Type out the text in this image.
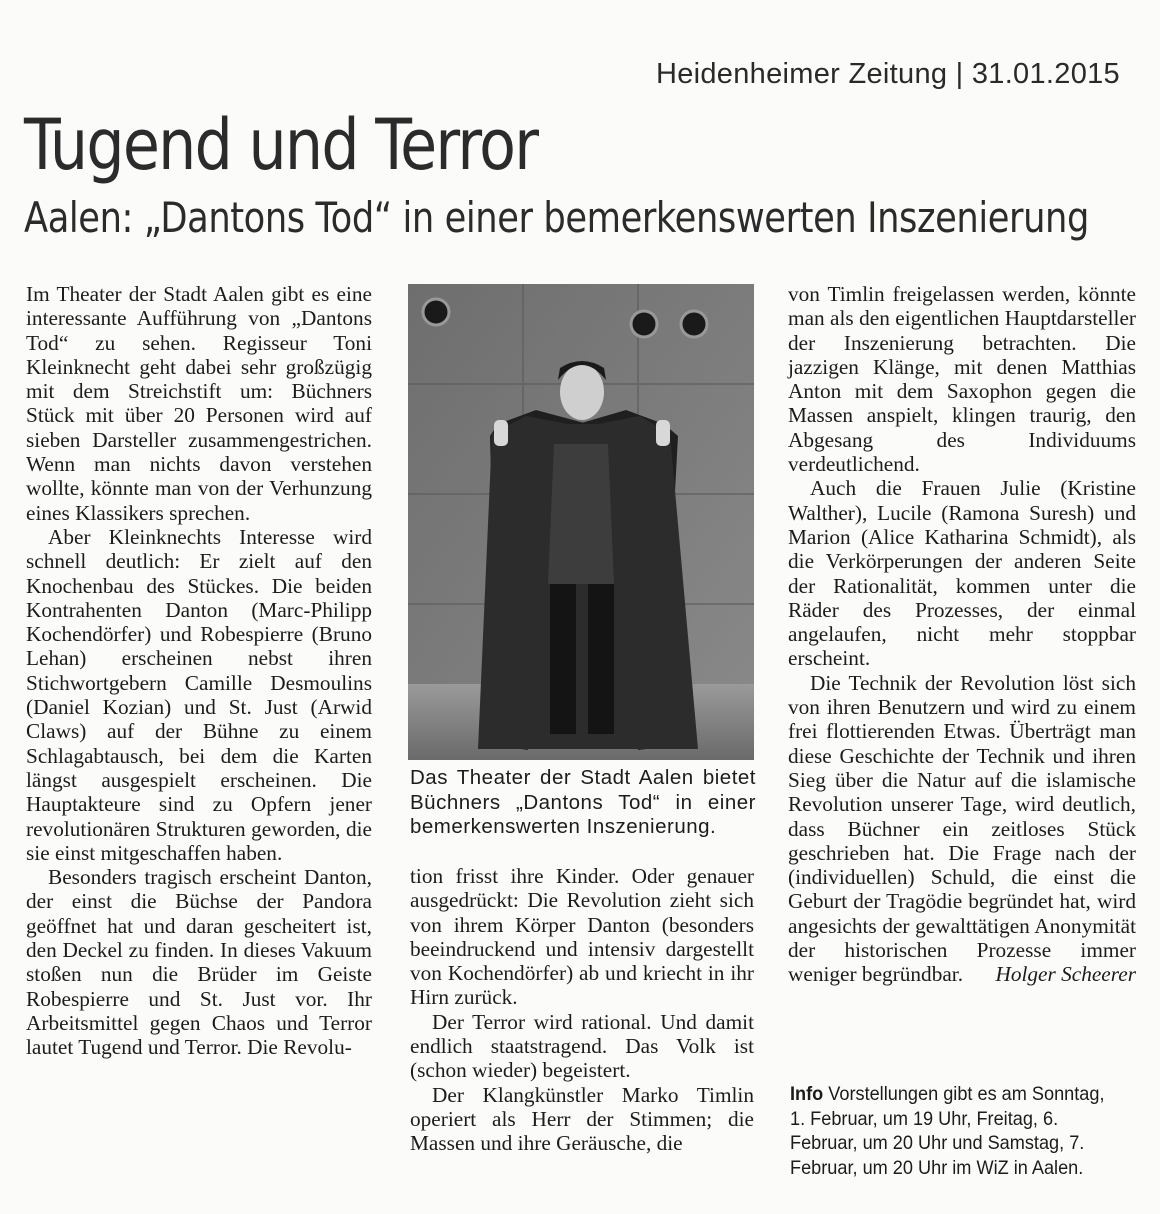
Heidenheimer Zeitung | 31.01.2015
Tugend und Terror
Aalen: „Dantons Tod“ in einer bemerkenswerten Inszenierung

Im Theater der Stadt Aalen gibt es eine interessante Aufführung von „Dantons Tod“ zu sehen. Regisseur Toni Kleinknecht geht dabei sehr großzügig mit dem Streichstift um: Büchners Stück mit über 20 Personen wird auf sieben Darsteller zusammengestrichen. Wenn man nichts davon verstehen wollte, könnte man von der Verhunzung eines Klassikers sprechen.

Aber Kleinknechts Interesse wird schnell deutlich: Er zielt auf den Knochenbau des Stückes. Die beiden Kontrahenten Danton (Marc-Philipp Kochendörfer) und Robespierre (Bruno Lehan) erscheinen nebst ihren Stichwortgebern Camille Desmoulins (Daniel Kozian) und St. Just (Arwid Claws) auf der Bühne zu einem Schlagabtausch, bei dem die Karten längst ausgespielt erscheinen. Die Hauptakteure sind zu Opfern jener revolutionären Strukturen geworden, die sie einst mitgeschaffen haben.

Besonders tragisch erscheint Danton, der einst die Büchse der Pandora geöffnet hat und daran gescheitert ist, den Deckel zu finden. In dieses Vakuum stoßen nun die Brüder im Geiste Robespierre und St. Just vor. Ihr Arbeitsmittel gegen Chaos und Terror lautet Tugend und Terror. Die Revolu-

Das Theater der Stadt Aalen bietet Büchners „Dantons Tod“ in einer bemerkenswerten Inszenierung.

tion frisst ihre Kinder. Oder genauer ausgedrückt: Die Revolution zieht sich von ihrem Körper Danton (besonders beeindruckend und intensiv dargestellt von Kochendörfer) ab und kriecht in ihr Hirn zurück.

Der Terror wird rational. Und damit endlich staatstragend. Das Volk ist (schon wieder) begeistert.

Der Klangkünstler Marko Timlin operiert als Herr der Stimmen; die Massen und ihre Geräusche, die

von Timlin freigelassen werden, könnte man als den eigentlichen Hauptdarsteller der Inszenierung betrachten. Die jazzigen Klänge, mit denen Matthias Anton mit dem Saxophon gegen die Massen anspielt, klingen traurig, den Abgesang des Individuums verdeutlichend.

Auch die Frauen Julie (Kristine Walther), Lucile (Ramona Suresh) und Marion (Alice Katharina Schmidt), als die Verkörperungen der anderen Seite der Rationalität, kommen unter die Räder des Prozesses, der einmal angelaufen, nicht mehr stoppbar erscheint.

Die Technik der Revolution löst sich von ihren Benutzern und wird zu einem frei flottierenden Etwas. Überträgt man diese Geschichte der Technik und ihren Sieg über die Natur auf die islamische Revolution unserer Tage, wird deutlich, dass Büchner ein zeitloses Stück geschrieben hat. Die Frage nach der (individuellen) Schuld, die einst die Geburt der Tragödie begründet hat, wird angesichts der gewalttätigen Anonymität der historischen Prozesse immer weniger begründbar.	Holger Scheerer

Info Vorstellungen gibt es am Sonntag, 1. Februar, um 19 Uhr, Freitag, 6. Februar, um 20 Uhr und Samstag, 7. Februar, um 20 Uhr im WiZ in Aalen.
